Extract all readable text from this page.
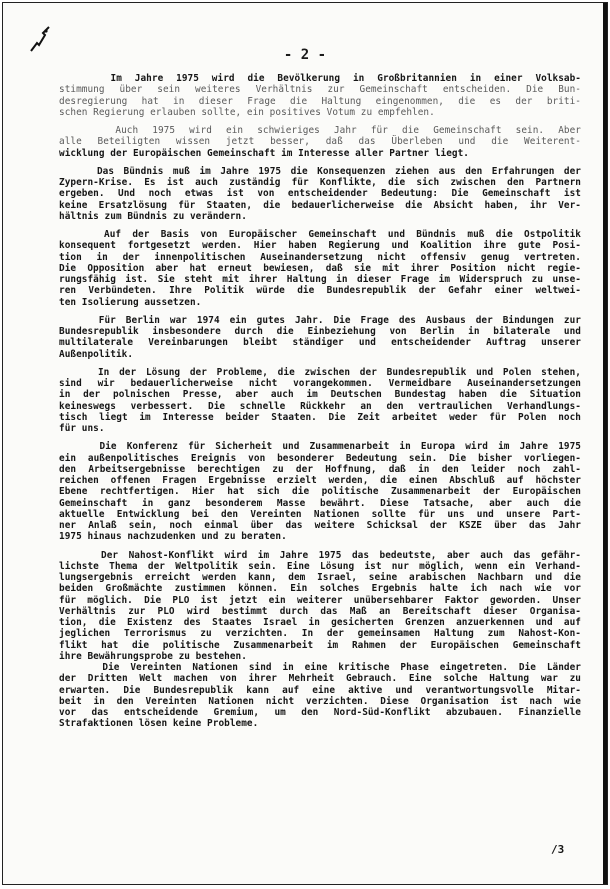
- 2 -
Im Jahre 1975 wird die Bevölkerung in Großbritannien in einer Volksab-
stimmung über sein weiteres Verhältnis zur Gemeinschaft entscheiden. Die Bun-
desregierung hat in dieser Frage die Haltung eingenommen, die es der briti-
schen Regierung erlauben sollte, ein positives Votum zu empfehlen.
Auch 1975 wird ein schwieriges Jahr für die Gemeinschaft sein. Aber
alle Beteiligten wissen jetzt besser, daß das Überleben und die Weiterent-
wicklung der Europäischen Gemeinschaft im Interesse aller Partner liegt.
Das Bündnis muß im Jahre 1975 die Konsequenzen ziehen aus den Erfahrungen der
Zypern-Krise. Es ist auch zuständig für Konflikte, die sich zwischen den Partnern
ergeben. Und noch etwas ist von entscheidender Bedeutung: Die Gemeinschaft ist
keine Ersatzlösung für Staaten, die bedauerlicherweise die Absicht haben, ihr Ver-
hältnis zum Bündnis zu verändern.
Auf der Basis von Europäischer Gemeinschaft und Bündnis muß die Ostpolitik
konsequent fortgesetzt werden. Hier haben Regierung und Koalition ihre gute Posi-
tion in der innenpolitischen Auseinandersetzung nicht offensiv genug vertreten.
Die Opposition aber hat erneut bewiesen, daß sie mit ihrer Position nicht regie-
rungsfähig ist. Sie steht mit ihrer Haltung in dieser Frage im Widerspruch zu unse-
ren Verbündeten. Ihre Politik würde die Bundesrepublik der Gefahr einer weltwei-
ten Isolierung aussetzen.
Für Berlin war 1974 ein gutes Jahr. Die Frage des Ausbaus der Bindungen zur
Bundesrepublik insbesondere durch die Einbeziehung von Berlin in bilaterale und
multilaterale Vereinbarungen bleibt ständiger und entscheidender Auftrag unserer
Außenpolitik.
In der Lösung der Probleme, die zwischen der Bundesrepublik und Polen stehen,
sind wir bedauerlicherweise nicht vorangekommen. Vermeidbare Auseinandersetzungen
in der polnischen Presse, aber auch im Deutschen Bundestag haben die Situation
keineswegs verbessert. Die schnelle Rückkehr an den vertraulichen Verhandlungs-
tisch liegt im Interesse beider Staaten. Die Zeit arbeitet weder für Polen noch
für uns.
Die Konferenz für Sicherheit und Zusammenarbeit in Europa wird im Jahre 1975
ein außenpolitisches Ereignis von besonderer Bedeutung sein. Die bisher vorliegen-
den Arbeitsergebnisse berechtigen zu der Hoffnung, daß in den leider noch zahl-
reichen offenen Fragen Ergebnisse erzielt werden, die einen Abschluß auf höchster
Ebene rechtfertigen. Hier hat sich die politische Zusammenarbeit der Europäischen
Gemeinschaft in ganz besonderem Masse bewährt. Diese Tatsache, aber auch die
aktuelle Entwicklung bei den Vereinten Nationen sollte für uns und unsere Part-
ner Anlaß sein, noch einmal über das weitere Schicksal der KSZE über das Jahr
1975 hinaus nachzudenken und zu beraten.
Der Nahost-Konflikt wird im Jahre 1975 das bedeutste, aber auch das gefähr-
lichste Thema der Weltpolitik sein. Eine Lösung ist nur möglich, wenn ein Verhand-
lungsergebnis erreicht werden kann, dem Israel, seine arabischen Nachbarn und die
beiden Großmächte zustimmen können. Ein solches Ergebnis halte ich nach wie vor
für möglich. Die PLO ist jetzt ein weiterer unübersehbarer Faktor geworden. Unser
Verhältnis zur PLO wird bestimmt durch das Maß an Bereitschaft dieser Organisa-
tion, die Existenz des Staates Israel in gesicherten Grenzen anzuerkennen und auf
jeglichen Terrorismus zu verzichten. In der gemeinsamen Haltung zum Nahost-Kon-
flikt hat die politische Zusammenarbeit im Rahmen der Europäischen Gemeinschaft
ihre Bewährungsprobe zu bestehen.
Die Vereinten Nationen sind in eine kritische Phase eingetreten. Die Länder
der Dritten Welt machen von ihrer Mehrheit Gebrauch. Eine solche Haltung war zu
erwarten. Die Bundesrepublik kann auf eine aktive und verantwortungsvolle Mitar-
beit in den Vereinten Nationen nicht verzichten. Diese Organisation ist nach wie
vor das entscheidende Gremium, um den Nord-Süd-Konflikt abzubauen. Finanzielle
Strafaktionen lösen keine Probleme.
/3
